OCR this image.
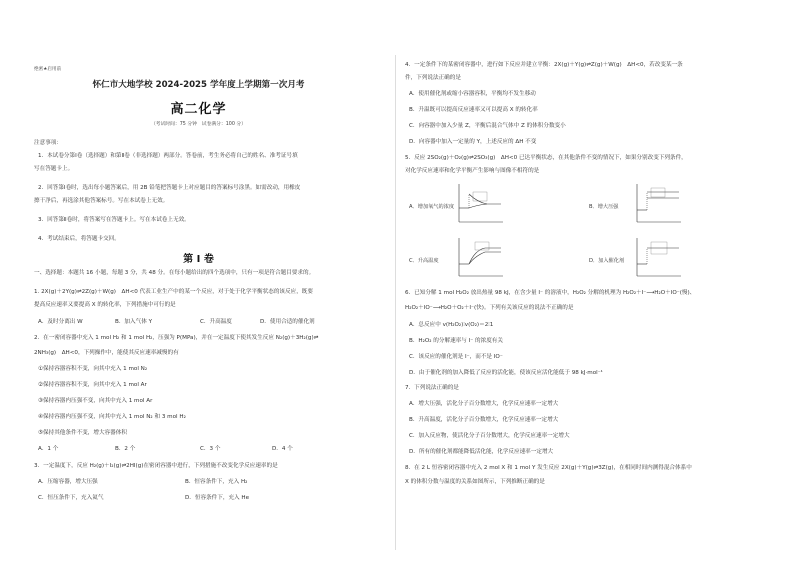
绝密★启用前
怀仁市大地学校 2024-2025 学年度上学期第一次月考
高二化学
（考试时间：75 分钟　试卷满分：100 分）
注意事项：
1．本试卷分第Ⅰ卷（选择题）和第Ⅱ卷（非选择题）两部分。答卷前，考生务必将自己的姓名、准考证号填
写在答题卡上。
2．回答第Ⅰ卷时，选出每小题答案后，用 2B 铅笔把答题卡上对应题目的答案标号涂黑。如需改动，用橡皮
擦干净后，再选涂其他答案标号。写在本试卷上无效。
3．回答第Ⅱ卷时，将答案写在答题卡上。写在本试卷上无效。
4．考试结束后，将答题卡交回。
第 Ⅰ 卷
一、选择题：本题共 16 小题，每题 3 分，共 48 分。在每小题给出的四个选项中，只有一项是符合题目要求的。
1. 2X(g)＋2Y(g)⇌2Z(g)＋W(g)　ΔH<0 代表工业生产中的某一个反应，对于处于化学平衡状态的该反应，既要
提高反应速率又要提高 X 的转化率，下列措施中可行的是
A．及时分离出 W	B．加入气体 Y	C．升高温度	D．使用合适的催化剂
2．在一密闭容器中充入 1 mol H₂ 和 1 mol H₂，压强为 P(MPa)，并在一定温度下使其发生反应 N₂(g)＋3H₂(g)⇌
2NH₃(g)　ΔH<0，下列操作中，能使其反应速率减慢的有
①保持容器容积不变，向其中充入 1 mol N₂
②保持容器容积不变，向其中充入 1 mol Ar
③保持容器内压强不变，向其中充入 1 mol Ar
④保持容器内压强不变，向其中充入 1 mol N₂ 和 3 mol H₂
⑤保持其他条件不变，增大容器体积
A．1 个	B．2 个	C．3 个	D．4 个
3．一定温度下，反应 H₂(g)＋I₂(g)⇌2HI(g)在密闭容器中进行，下列措施不改变化学反应速率的是
A．压缩容器，增大压强	B．恒容条件下，充入 H₂
C．恒压条件下，充入氦气	D．恒容条件下，充入 He
4．一定条件下的某密闭容器中，进行如下反应并建立平衡：2X(g)＋Y(g)⇌Z(g)＋W(g)　ΔH<0，若改变某一条
件，下列说法正确的是
A．使用催化剂或缩小容器容积，平衡均不发生移动
B．升温既可以提高反应速率又可以提高 X 的转化率
C．向容器中加入少量 Z，平衡后混合气体中 Z 的体积分数变小
D．向容器中加入一定量的 Y，上述反应的 ΔH 不变
5．反应 2SO₂(g)＋O₂(g)⇌2SO₃(g)　ΔH<0 已达平衡状态，在其他条件不变的情况下，如果分别改变下列条件，
对化学反应速率和化学平衡产生影响与图像不相符的是
A．增加氧气的浓度	B．增大压强
C．升高温度	D．加入催化剂
6．已知分解 1 mol H₂O₂ 放出热量 98 kJ，在含少量 I⁻ 的溶液中，H₂O₂ 分解的机理为 H₂O₂＋I⁻⟶H₂O＋IO⁻(慢)、
H₂O₂＋IO⁻⟶H₂O＋O₂＋I⁻(快)。下列有关该反应的说法不正确的是
A．总反应中 v(H₂O₂)∶v(O₂)＝2∶1
B．H₂O₂ 的分解速率与 I⁻ 的浓度有关
C．该反应的催化剂是 I⁻，而不是 IO⁻
D．由于催化剂的加入降低了反应的活化能，使该反应活化能低于 98 kJ·mol⁻¹
7．下列说法正确的是
A．增大压强，活化分子百分数增大，化学反应速率一定增大
B．升高温度，活化分子百分数增大，化学反应速率一定增大
C．加入反应物，使活化分子百分数增大，化学反应速率一定增大
D．所有的催化剂都能降低活化能，化学反应速率一定增大
8．在 2 L 恒容密闭容器中充入 2 mol X 和 1 mol Y 发生反应 2X(g)＋Y(g)⇌3Z(g)，在相同时间内测得混合体系中
X 的体积分数与温度的关系如图所示，下列推断正确的是
